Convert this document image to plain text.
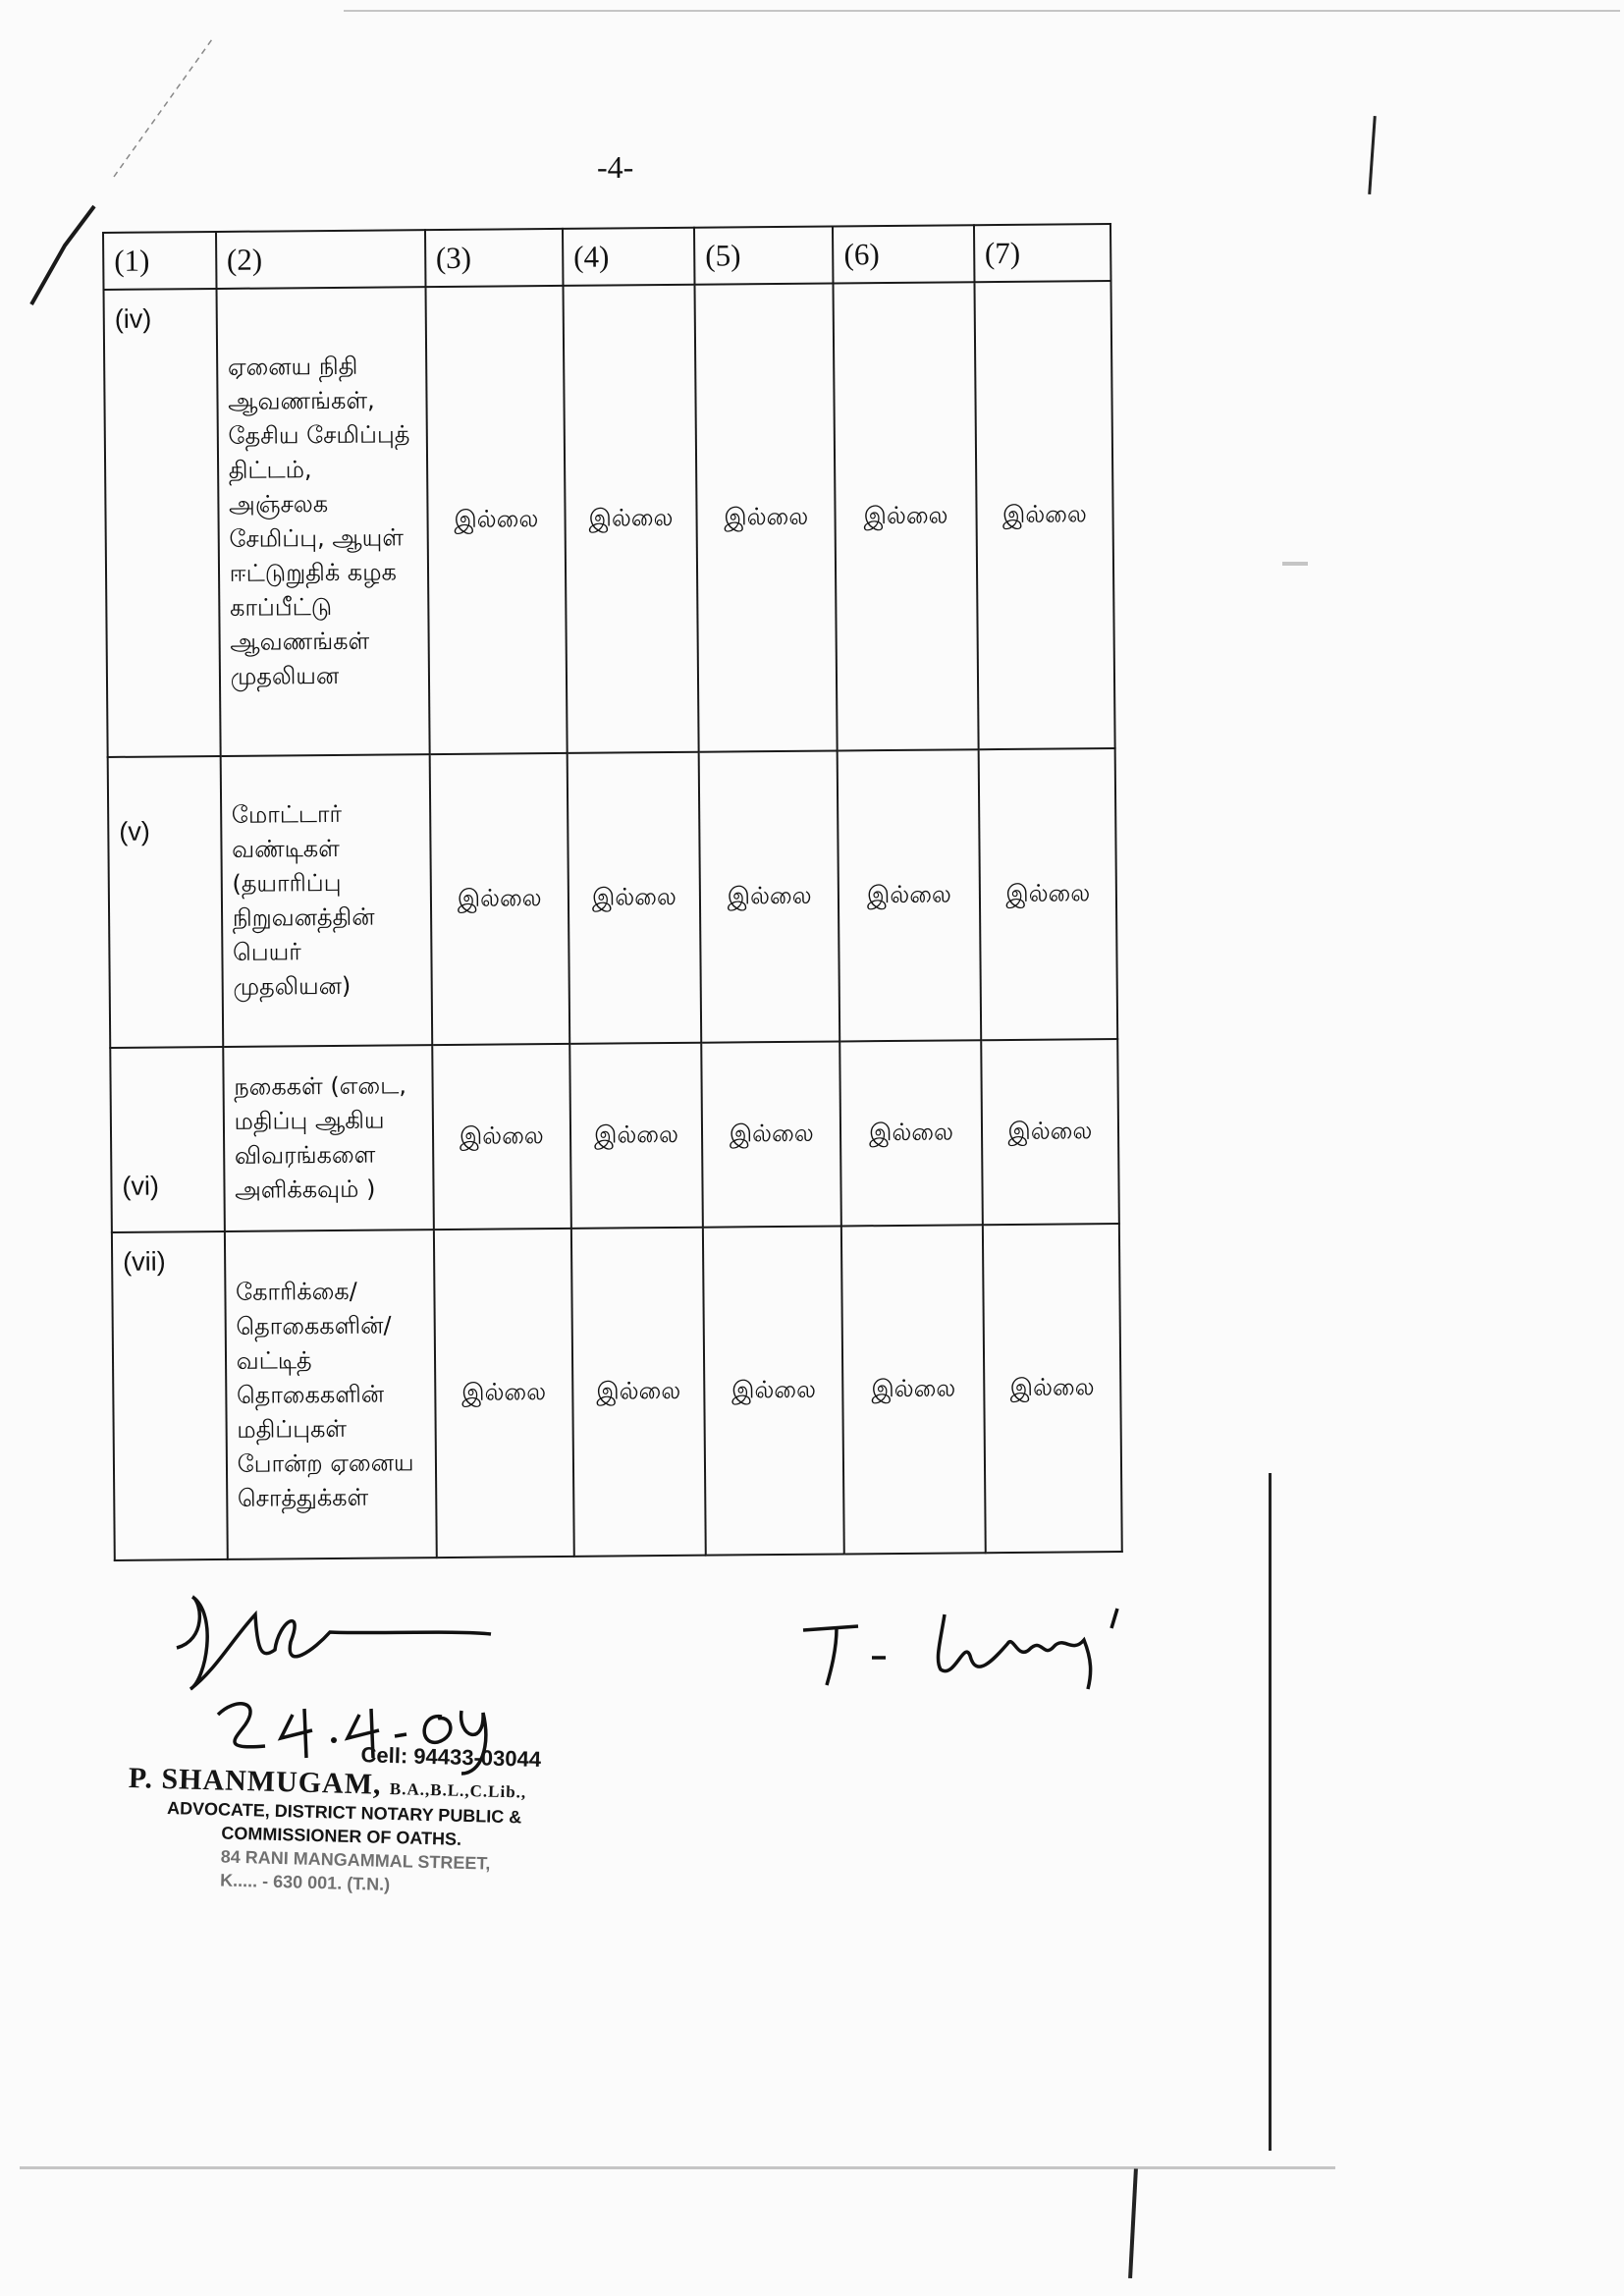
-4-
(1)	(2)	(3)	(4)	(5)	(6)	(7)
(iv)	ஏனைய நிதி ஆவணங்கள், தேசிய சேமிப்புத் திட்டம், அஞ்சலக சேமிப்பு, ஆயுள் ஈட்டுறுதிக் கழக காப்பீட்டு ஆவணங்கள் முதலியன	இல்லை	இல்லை	இல்லை	இல்லை	இல்லை
(v)	மோட்டார் வண்டிகள் (தயாரிப்பு நிறுவனத்தின் பெயர் முதலியன)	இல்லை	இல்லை	இல்லை	இல்லை	இல்லை
(vi)	நகைகள் (எடை, மதிப்பு ஆகிய விவரங்களை அளிக்கவும் )	இல்லை	இல்லை	இல்லை	இல்லை	இல்லை
(vii)	கோரிக்கை/ தொகைகளின்/ வட்டித் தொகைகளின் மதிப்புகள் போன்ற ஏனைய சொத்துக்கள்	இல்லை	இல்லை	இல்லை	இல்லை	இல்லை
Cell: 94433-03044
P. SHANMUGAM, B.A.,B.L.,C.Lib.,
ADVOCATE, DISTRICT NOTARY PUBLIC &
COMMISSIONER OF OATHS.
84 RANI MANGAMMAL STREET,
K..... - 630 001. (T.N.)
